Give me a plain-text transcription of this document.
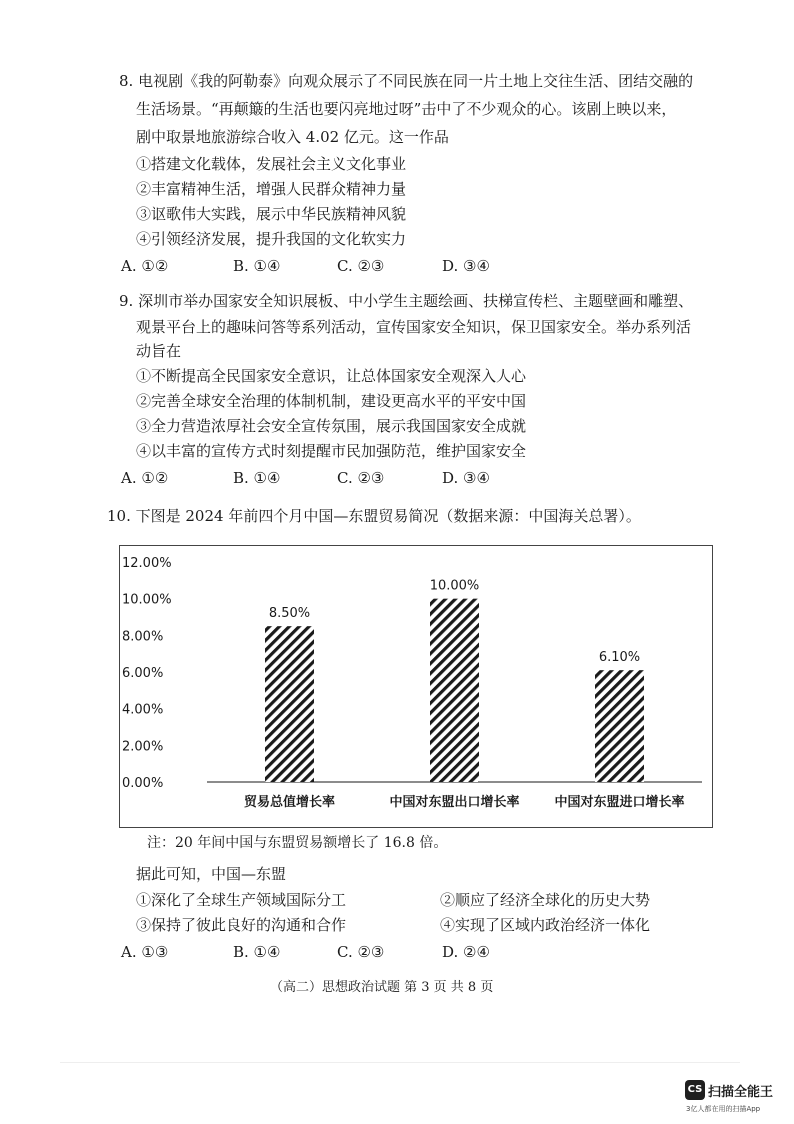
8. 电视剧《我的阿勒泰》向观众展示了不同民族在同一片土地上交往生活、团结交融的
生活场景。“再颠簸的生活也要闪亮地过呀”击中了不少观众的心。该剧上映以来，
剧中取景地旅游综合收入 4.02 亿元。这一作品
①搭建文化载体，发展社会主义文化事业
②丰富精神生活，增强人民群众精神力量
③讴歌伟大实践，展示中华民族精神风貌
④引领经济发展，提升我国的文化软实力
A. ①②	B. ①④	C. ②③	D. ③④
9. 深圳市举办国家安全知识展板、中小学生主题绘画、扶梯宣传栏、主题壁画和雕塑、
观景平台上的趣味问答等系列活动，宣传国家安全知识，保卫国家安全。举办系列活
动旨在
①不断提高全民国家安全意识，让总体国家安全观深入人心
②完善全球安全治理的体制机制，建设更高水平的平安中国
③全力营造浓厚社会安全宣传氛围，展示我国国家安全成就
④以丰富的宣传方式时刻提醒市民加强防范，维护国家安全
A. ①②	B. ①④	C. ②③	D. ③④
10. 下图是 2024 年前四个月中国—东盟贸易简况（数据来源：中国海关总署）。
0.00%
2.00%
4.00%
6.00%
8.00%
10.00%
12.00%
8.50%
贸易总值增长率
10.00%
中国对东盟出口增长率
6.10%
中国对东盟进口增长率
注：20 年间中国与东盟贸易额增长了 16.8 倍。
据此可知，中国—东盟
①深化了全球生产领域国际分工	②顺应了经济全球化的历史大势
③保持了彼此良好的沟通和合作	④实现了区域内政治经济一体化
A. ①③	B. ①④	C. ②③	D. ②④
（高二）思想政治试题 第 3 页 共 8 页
CS 扫描全能王
3亿人都在用的扫描App
